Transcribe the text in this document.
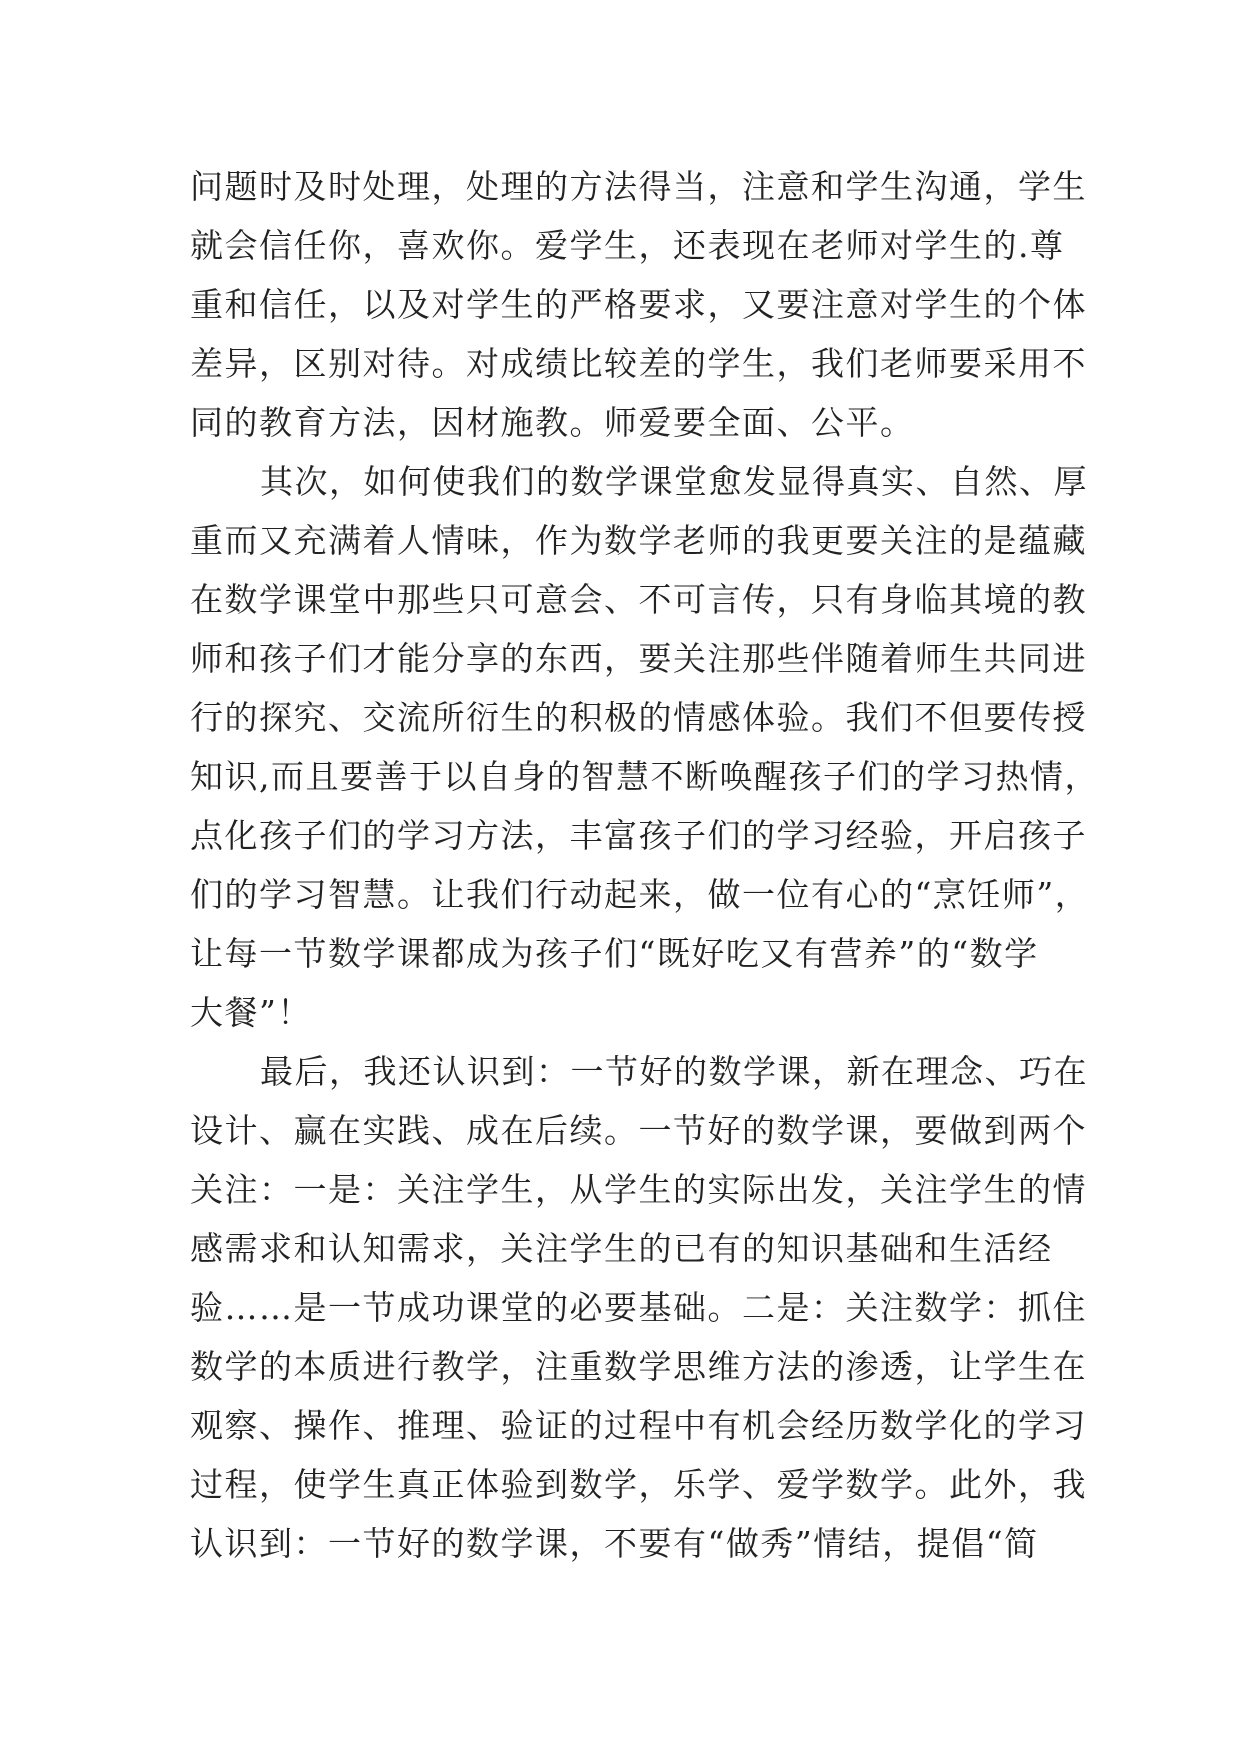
问题时及时处理，处理的方法得当，注意和学生沟通，学生
就会信任你，喜欢你。爱学生，还表现在老师对学生的.尊
重和信任，以及对学生的严格要求，又要注意对学生的个体
差异，区别对待。对成绩比较差的学生，我们老师要采用不
同的教育方法，因材施教。师爱要全面、公平。
其次，如何使我们的数学课堂愈发显得真实、自然、厚
重而又充满着人情味，作为数学老师的我更要关注的是蕴藏
在数学课堂中那些只可意会、不可言传，只有身临其境的教
师和孩子们才能分享的东西，要关注那些伴随着师生共同进
行的探究、交流所衍生的积极的情感体验。我们不但要传授
知识,而且要善于以自身的智慧不断唤醒孩子们的学习热情，
点化孩子们的学习方法，丰富孩子们的学习经验，开启孩子
们的学习智慧。让我们行动起来，做一位有心的“烹饪师”，
让每一节数学课都成为孩子们“既好吃又有营养”的“数学
大餐”！
最后，我还认识到：一节好的数学课，新在理念、巧在
设计、赢在实践、成在后续。一节好的数学课，要做到两个
关注：一是：关注学生，从学生的实际出发，关注学生的情
感需求和认知需求，关注学生的已有的知识基础和生活经
验……是一节成功课堂的必要基础。二是：关注数学：抓住
数学的本质进行教学，注重数学思维方法的渗透，让学生在
观察、操作、推理、验证的过程中有机会经历数学化的学习
过程，使学生真正体验到数学，乐学、爱学数学。此外，我
认识到：一节好的数学课，不要有“做秀”情结，提倡“简
